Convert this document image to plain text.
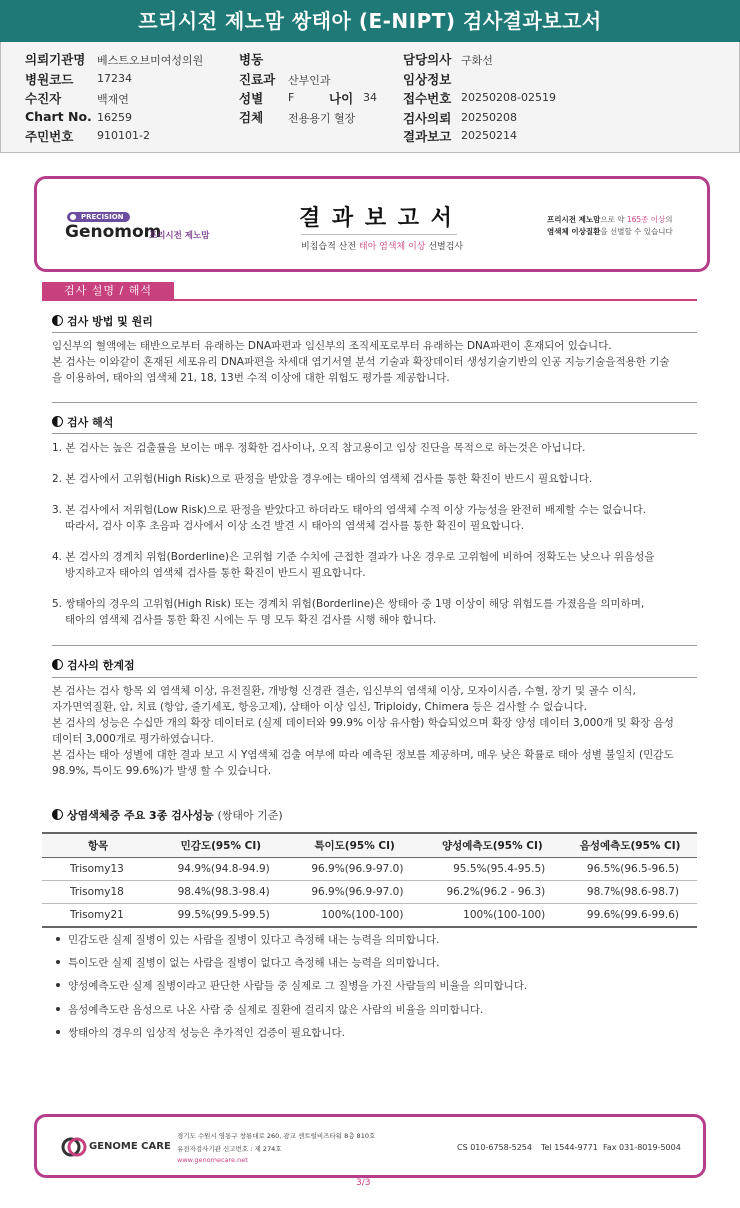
프리시전 제노맘 쌍태아 (E-NIPT) 검사결과보고서
의뢰기관명 베스트오브미여성의원
병원코드 17234
수진자	백재연
Chart No. 16259
주민번호 910101-2
병동
진료과 산부인과
성별 F	나이 34
검체 전용용기 혈장
담당의사 구화선
임상정보
접수번호 20250208-02519
검사의뢰 20250208
결과보고 20250214
PRECISION
Genomom
프리시전 제노맘
결 과 보 고 서
비침습적 산전 태아 염색체 이상 선별검사
프리시전 제노맘으로 약 165종 이상의
염색체 이상질환을 선별할 수 있습니다
검사 설명 / 해석
검사 방법 및 원리
임신부의 혈액에는 태반으로부터 유래하는 DNA파편과 임신부의 조직세포로부터 유래하는 DNA파편이 혼재되어 있습니다.
본 검사는 이와같이 혼재된 세포유리 DNA파편을 차세대 염기서열 분석 기술과 확장데이터 생성기술기반의 인공 지능기술을적용한 기술
을 이용하여, 태아의 염색체 21, 18, 13번 수적 이상에 대한 위험도 평가를 제공합니다.
검사 해석
1. 본 검사는 높은 검출률을 보이는 매우 정확한 검사이나, 오직 참고용이고 임상 진단을 목적으로 하는것은 아닙니다.
2. 본 검사에서 고위험(High Risk)으로 판정을 받았을 경우에는 태아의 염색체 검사를 통한 확진이 반드시 필요합니다.
3. 본 검사에서 저위험(Low Risk)으로 판정을 받았다고 하더라도 태아의 염색체 수적 이상 가능성을 완전히 배제할 수는 없습니다.
따라서, 검사 이후 초음파 검사에서 이상 소견 발견 시 태아의 염색체 검사를 통한 확진이 필요합니다.
4. 본 검사의 경계치 위험(Borderline)은 고위험 기준 수치에 근접한 결과가 나온 경우로 고위험에 비하여 정확도는 낮으나 위음성을
방지하고자 태아의 염색체 검사를 통한 확진이 반드시 필요합니다.
5. 쌍태아의 경우의 고위험(High Risk) 또는 경계치 위험(Borderline)은 쌍태아 중 1명 이상이 해당 위험도를 가졌음을 의미하며,
태아의 염색체 검사를 통한 확진 시에는 두 명 모두 확진 검사를 시행 해야 합니다.
검사의 한계점
본 검사는 검사 항목 외 염색체 이상, 유전질환, 개방형 신경관 결손, 임신부의 염색체 이상, 모자이시즘, 수혈, 장기 및 골수 이식,
자가면역질환, 암, 치료 (항암, 줄기세포, 항응고제), 삼태아 이상 임신, Triploidy, Chimera 등은 검사할 수 없습니다.
본 검사의 성능은 수십만 개의 확장 데이터로 (실제 데이터와 99.9% 이상 유사함) 학습되었으며 확장 양성 데이터 3,000개 및 확장 음성
데이터 3,000개로 평가하였습니다.
본 검사는 태아 성별에 대한 결과 보고 시 Y염색체 검출 여부에 따라 예측된 정보를 제공하며, 매우 낮은 확률로 태아 성별 불일치 (민감도
98.9%, 특이도 99.6%)가 발생 할 수 있습니다.
상염색체증 주요 3종 검사성능 (쌍태아 기준)
항목	민감도(95% CI)	특이도(95% CI)	양성예측도(95% CI)	음성예측도(95% CI)
Trisomy13	94.9%(94.8-94.9)	96.9%(96.9-97.0)	95.5%(95.4-95.5)	96.5%(96.5-96.5)
Trisomy18	98.4%(98.3-98.4)	96.9%(96.9-97.0)	96.2%(96.2 - 96.3)	98.7%(98.6-98.7)
Trisomy21	99.5%(99.5-99.5)	100%(100-100)	100%(100-100)	99.6%(99.6-99.6)
민감도란 실제 질병이 있는 사람을 질병이 있다고 측정해 내는 능력을 의미합니다.
특이도란 실제 질병이 없는 사람을 질병이 없다고 측정해 내는 능력을 의미합니다.
양성예측도란 실제 질병이라고 판단한 사람들 중 실제로 그 질병을 가진 사람들의 비율을 의미합니다.
음성예측도란 음성으로 나온 사람 중 실제로 질환에 걸리지 않은 사람의 비율을 의미합니다.
쌍태아의 경우의 임상적 성능은 추가적인 검증이 필요합니다.
GENOME CARE
경기도 수원시 영통구 창룡대로 260, 광교 센트럴비즈타워 8층 810호
유전자검사기관 신고번호 : 제 274호
www.genomecare.net
CS 010-6758-5254 Tel 1544-9771 Fax 031-8019-5004
3/3
